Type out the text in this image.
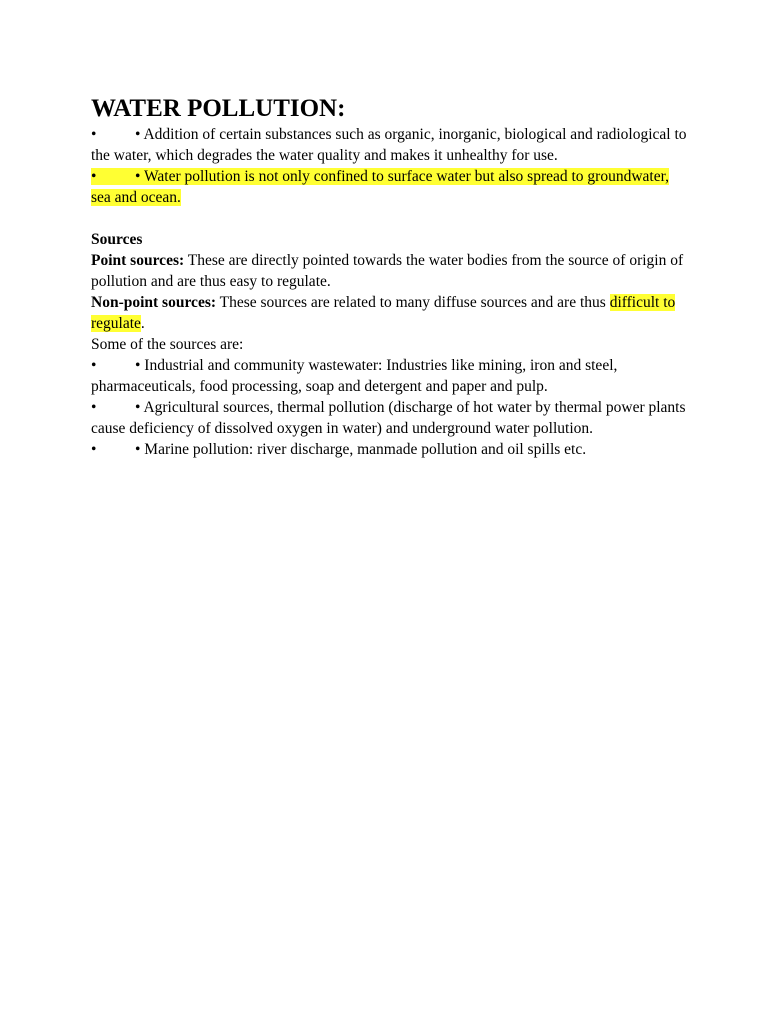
WATER POLLUTION:

• • Addition of certain substances such as organic, inorganic, biological and radiological to the water, which degrades the water quality and makes it unhealthy for use.

• • Water pollution is not only confined to surface water but also spread to groundwater, sea and ocean.

Sources

Point sources: These are directly pointed towards the water bodies from the source of origin of pollution and are thus easy to regulate.

Non-point sources: These sources are related to many diffuse sources and are thus difficult to regulate.

Some of the sources are:

• • Industrial and community wastewater: Industries like mining, iron and steel, pharmaceuticals, food processing, soap and detergent and paper and pulp.

• • Agricultural sources, thermal pollution (discharge of hot water by thermal power plants cause deficiency of dissolved oxygen in water) and underground water pollution.

• • Marine pollution: river discharge, manmade pollution and oil spills etc.
